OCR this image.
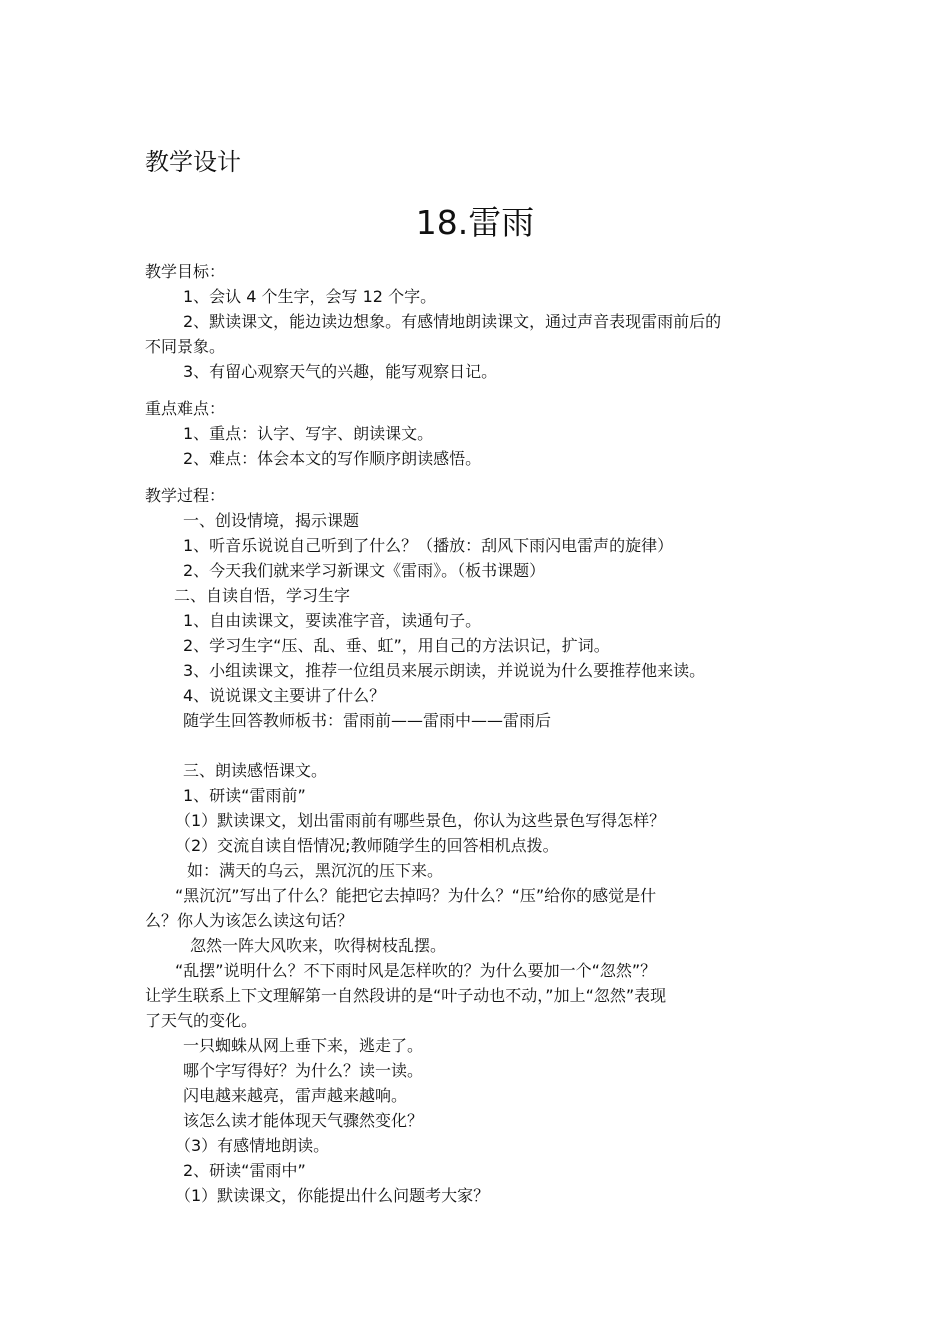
教学设计
18.雷雨
教学目标：
1、会认 4 个生字，会写 12 个字。
2、默读课文，能边读边想象。有感情地朗读课文，通过声音表现雷雨前后的
不同景象。
3、有留心观察天气的兴趣，能写观察日记。
重点难点：
1、重点：认字、写字、朗读课文。
2、难点：体会本文的写作顺序朗读感悟。
教学过程：
一、创设情境，揭示课题
1、听音乐说说自己听到了什么？（播放：刮风下雨闪电雷声的旋律）
2、今天我们就来学习新课文《雷雨》。（板书课题）
二、自读自悟，学习生字
1、自由读课文，要读准字音，读通句子。
2、学习生字“压、乱、垂、虹”，用自己的方法识记，扩词。
3、小组读课文，推荐一位组员来展示朗读，并说说为什么要推荐他来读。
4、说说课文主要讲了什么？
随学生回答教师板书：雷雨前——雷雨中——雷雨后
三、朗读感悟课文。
1、研读“雷雨前”
（1）默读课文，划出雷雨前有哪些景色，你认为这些景色写得怎样？
（2）交流自读自悟情况;教师随学生的回答相机点拨。
如：满天的乌云，黑沉沉的压下来。
“黑沉沉”写出了什么？能把它去掉吗？为什么？“压”给你的感觉是什
么？你人为该怎么读这句话？
忽然一阵大风吹来，吹得树枝乱摆。
“乱摆”说明什么？不下雨时风是怎样吹的？为什么要加一个“忽然”？
让学生联系上下文理解第一自然段讲的是“叶子动也不动，”加上“忽然”表现
了天气的变化。
一只蜘蛛从网上垂下来，逃走了。
哪个字写得好？为什么？读一读。
闪电越来越亮，雷声越来越响。
该怎么读才能体现天气骤然变化？
（3）有感情地朗读。
2、研读“雷雨中”
（1）默读课文，你能提出什么问题考大家？
